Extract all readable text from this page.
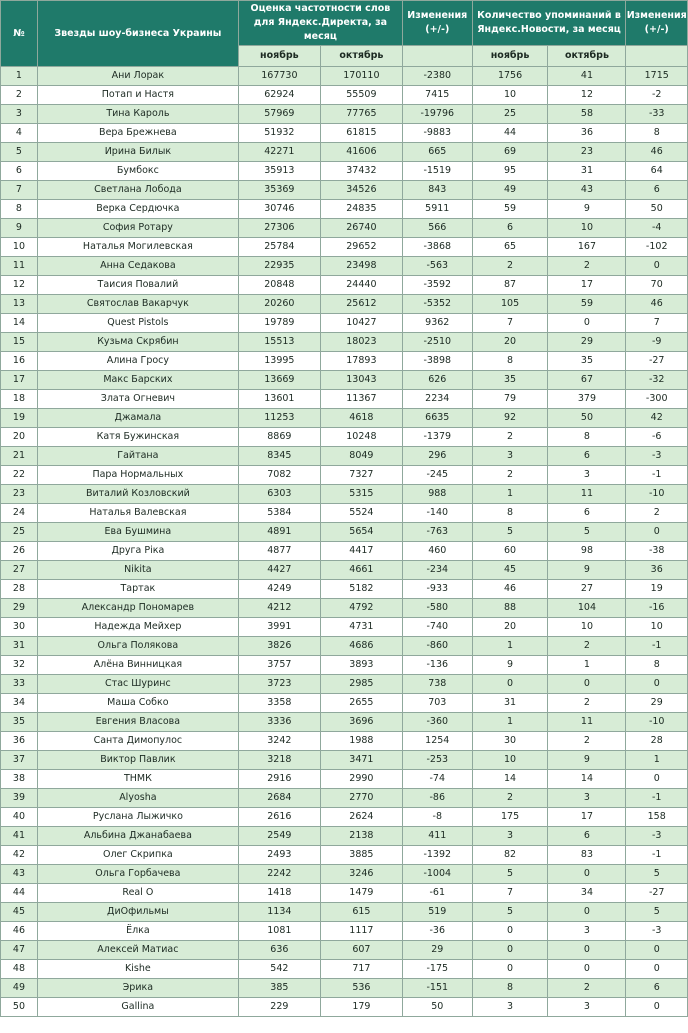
№	Звезды шоу-бизнеса Украины	Оценка частотности слов для Яндекс.Директа, за месяц		Изменения (+/-)	Количество упоминаний в Яндекс.Новости, за месяц		Изменения (+/-)
		ноябрь	октябрь		ноябрь	октябрь	
1	Ани Лорак	167730	170110	-2380	1756	41	1715
2	Потап и Настя	62924	55509	7415	10	12	-2
3	Тина Кароль	57969	77765	-19796	25	58	-33
4	Вера Брежнева	51932	61815	-9883	44	36	8
5	Ирина Билык	42271	41606	665	69	23	46
6	Бумбокс	35913	37432	-1519	95	31	64
7	Светлана Лобода	35369	34526	843	49	43	6
8	Верка Сердючка	30746	24835	5911	59	9	50
9	София Ротару	27306	26740	566	6	10	-4
10	Наталья Могилевская	25784	29652	-3868	65	167	-102
11	Анна Седакова	22935	23498	-563	2	2	0
12	Таисия Повалий	20848	24440	-3592	87	17	70
13	Святослав Вакарчук	20260	25612	-5352	105	59	46
14	Quest Pistols	19789	10427	9362	7	0	7
15	Кузьма Скрябин	15513	18023	-2510	20	29	-9
16	Алина Гросу	13995	17893	-3898	8	35	-27
17	Макс Барских	13669	13043	626	35	67	-32
18	Злата Огневич	13601	11367	2234	79	379	-300
19	Джамала	11253	4618	6635	92	50	42
20	Катя Бужинская	8869	10248	-1379	2	8	-6
21	Гайтана	8345	8049	296	3	6	-3
22	Пара Нормальных	7082	7327	-245	2	3	-1
23	Виталий Козловский	6303	5315	988	1	11	-10
24	Наталья Валевская	5384	5524	-140	8	6	2
25	Ева Бушмина	4891	5654	-763	5	5	0
26	Друга Ріка	4877	4417	460	60	98	-38
27	Nikita	4427	4661	-234	45	9	36
28	Тартак	4249	5182	-933	46	27	19
29	Александр Пономарев	4212	4792	-580	88	104	-16
30	Надежда Мейхер	3991	4731	-740	20	10	10
31	Ольга Полякова	3826	4686	-860	1	2	-1
32	Алёна Винницкая	3757	3893	-136	9	1	8
33	Стас Шуринс	3723	2985	738	0	0	0
34	Маша Собко	3358	2655	703	31	2	29
35	Евгения Власова	3336	3696	-360	1	11	-10
36	Санта Димопулос	3242	1988	1254	30	2	28
37	Виктор Павлик	3218	3471	-253	10	9	1
38	ТНМК	2916	2990	-74	14	14	0
39	Alyosha	2684	2770	-86	2	3	-1
40	Руслана Лыжичко	2616	2624	-8	175	17	158
41	Альбина Джанабаева	2549	2138	411	3	6	-3
42	Олег Скрипка	2493	3885	-1392	82	83	-1
43	Ольга Горбачева	2242	3246	-1004	5	0	5
44	Real O	1418	1479	-61	7	34	-27
45	ДиОфильмы	1134	615	519	5	0	5
46	Ёлка	1081	1117	-36	0	3	-3
47	Алексей Матиас	636	607	29	0	0	0
48	Kishe	542	717	-175	0	0	0
49	Эрика	385	536	-151	8	2	6
50	Gallina	229	179	50	3	3	0
